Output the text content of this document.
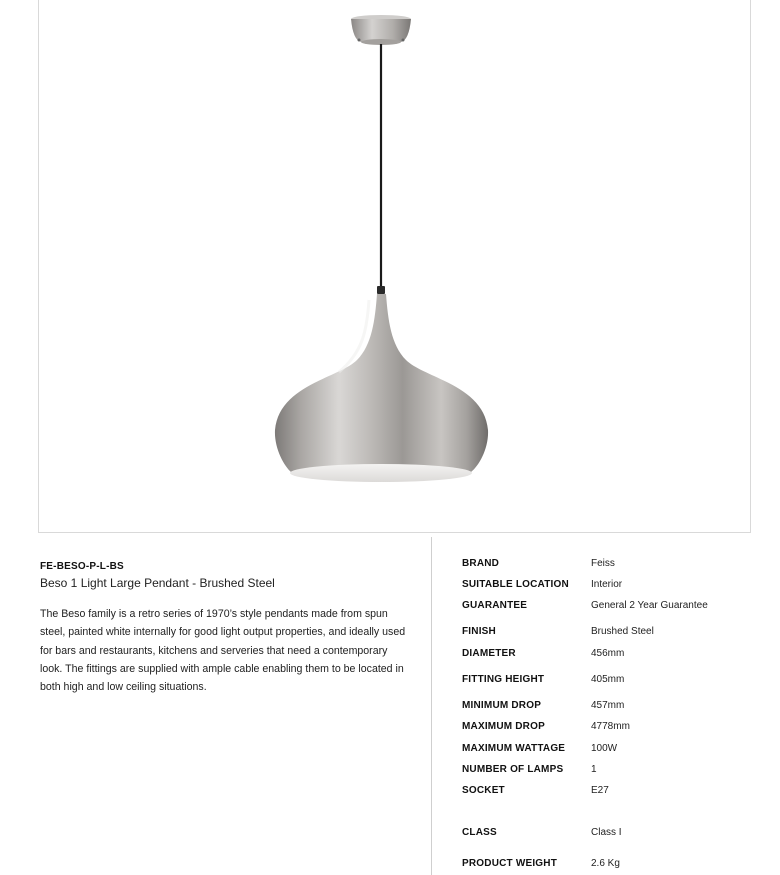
FE-BESO-P-L-BS

Beso 1 Light Large Pendant - Brushed Steel

The Beso family is a retro series of 1970’s style pendants made from spun steel, painted white internally for good light output properties, and ideally used for bars and restaurants, kitchens and serveries that need a contemporary look. The fittings are supplied with ample cable enabling them to be located in both high and low ceiling situations.

BRAND	Feiss
SUITABLE LOCATION Interior
GUARANTEE	General 2 Year Guarantee
FINISH	Brushed Steel
DIAMETER	456mm
FITTING HEIGHT	405mm
MINIMUM DROP	457mm
MAXIMUM DROP	4778mm
MAXIMUM WATTAGE	100W
NUMBER OF LAMPS	1
SOCKET	E27
CLASS	Class I
PRODUCT WEIGHT	2.6 Kg
